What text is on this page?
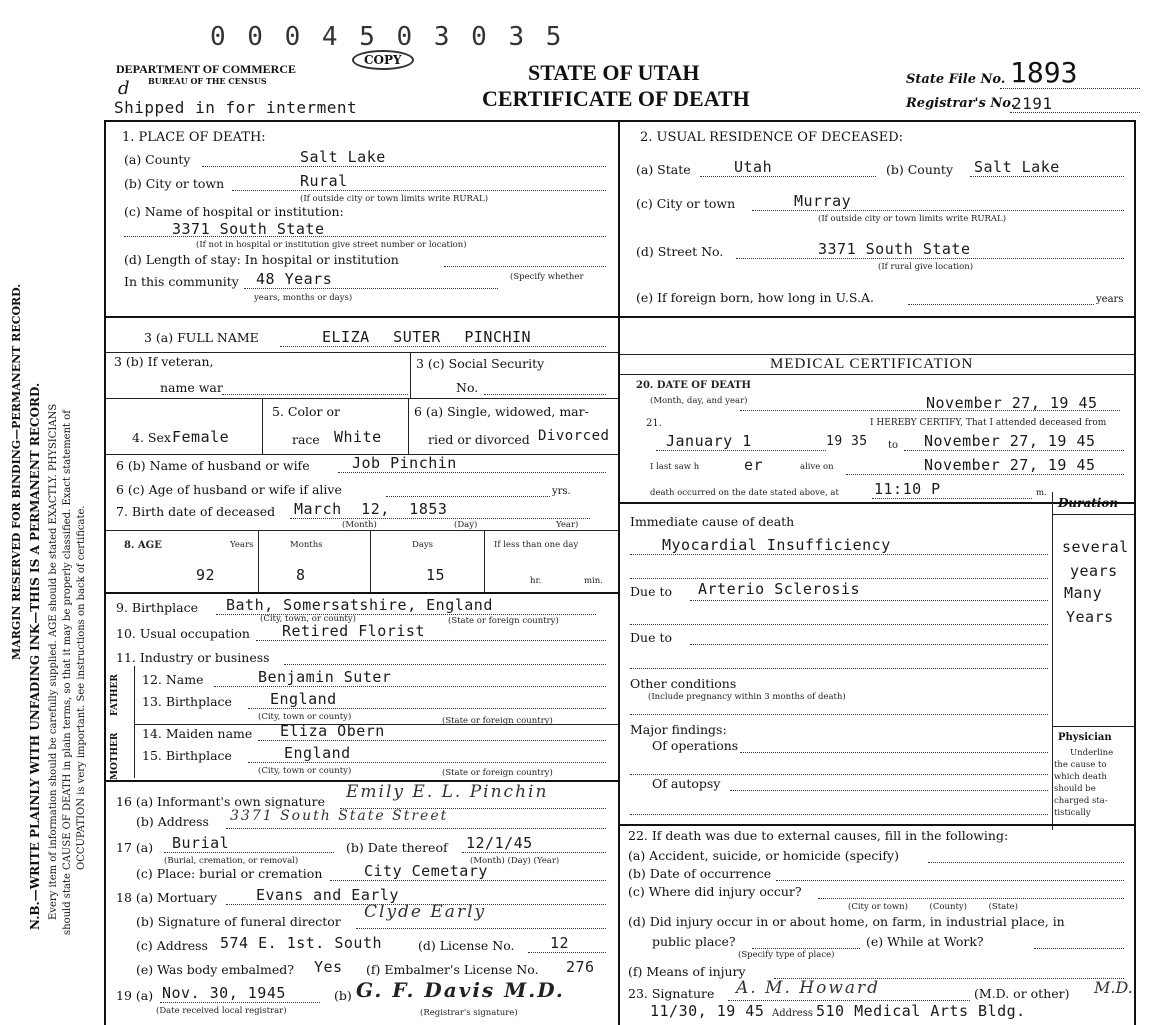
MARGIN RESERVED FOR BINDING—PERMANENT RECORD. N.B.—WRITE PLAINLY WITH UNFADING INK—THIS IS A PERMANENT RECORD. Every item of information should be carefully supplied. AGE should be stated EXACTLY. PHYSICIANS should state CAUSE OF DEATH in plain terms, so that it may be properly classified. Exact statement of OCCUPATION is very important. See instructions on back of certificate.
0 0 0 4 5 0 3 0 3 5
COPY
DEPARTMENT OF COMMERCE
BUREAU OF THE CENSUS
d
Shipped in for interment
STATE OF UTAH
CERTIFICATE OF DEATH
State File No. 1893
Registrar's No.
2191
1. PLACE OF DEATH:
(a) County	Salt Lake
(b) City or town	Rural
(If outside city or town limits write RURAL)
(c) Name of hospital or institution:
3371 South State
(If not in hospital or institution give street number or location)
(d) Length of stay: In hospital or institution
In this community 48 Years	(Specify whether
years, months or days)
2. USUAL RESIDENCE OF DECEASED:
(a) State	Utah	(b) County Salt Lake
(c) City or town	Murray
(If outside city or town limits write RURAL)
(d) Street No.	3371 South State
(If rural give location)
(e) If foreign born, how long in U.S.A.	years
3 (a) FULL NAME	ELIZA SUTER PINCHIN
3 (b) If veteran,
name war
3 (c) Social Security
No.
4. Sex Female
5. Color or
race White
6 (a) Single, widowed, mar-
ried or divorced Divorced
6 (b) Name of husband or wife	Job Pinchin
6 (c) Age of husband or wife if alive	yrs.
7. Birth date of deceased March 12, 1853
(Month)	(Day)	Year)
8. AGE	Years	Months	Days	If less than one day
92	8	15	hr.	min.
9. Birthplace Bath, Somersatshire, England
(City, town, or county)	(State or foreign country)
10. Usual occupation Retired Florist
11. Industry or business
FATHER
MOTHER
12. Name	Benjamin Suter
13. Birthplace	England
(City, town or county)	(State or foreign country)
14. Maiden name Eliza Obern
15. Birthplace	England
(City, town or county)	(State or foreign country)
16 (a) Informant's own signature Emily E. L. Pinchin
(b) Address 3371 South State Street
17 (a) Burial
(Burial, cremation, or removal)
(b) Date thereof 12/1/45
(Month) (Day) (Year)
(c) Place: burial or cremation	City Cemetary
18 (a) Mortuary	Evans and Early
(b) Signature of funeral director Clyde Early
(c) Address 574 E. 1st. South	(d) License No. 12
(e) Was body embalmed? Yes (f) Embalmer's License No. 276
19 (a) Nov. 30, 1945
(Date received local registrar)
(b) G. F. Davis M.D.
(Registrar's signature)
MEDICAL CERTIFICATION
20. DATE OF DEATH
(Month, day, and year)	November 27, 19 45
21.	I HEREBY CERTIFY, That I attended deceased from
January 1	19 35 to November 27, 19 45
I last saw h	er	alive on	November 27, 19 45
death occurred on the date stated above, at 11:10 P	m.
Duration
Immediate cause of death
Myocardial Insufficiency	several
years
Due to Arterio Sclerosis	Many
Years
Due to
Other conditions
(Include pregnancy within 3 months of death)
Major findings:
Of operations
Of autopsy
Physician
Underline
the cause to
which death
should be
charged sta-
tistically
22. If death was due to external causes, fill in the following:
(a) Accident, suicide, or homicide (specify)
(b) Date of occurrence
(c) Where did injury occur?
(City or town)        (County)        (State)
(d) Did injury occur in or about home, on farm, in industrial place, in
public place?
(Specify type of place)
(e) While at Work?
(f) Means of injury
23. Signature A. M. Howard	(M.D. or other) M.D.
11/30, 19 45 Address 510 Medical Arts Bldg.
